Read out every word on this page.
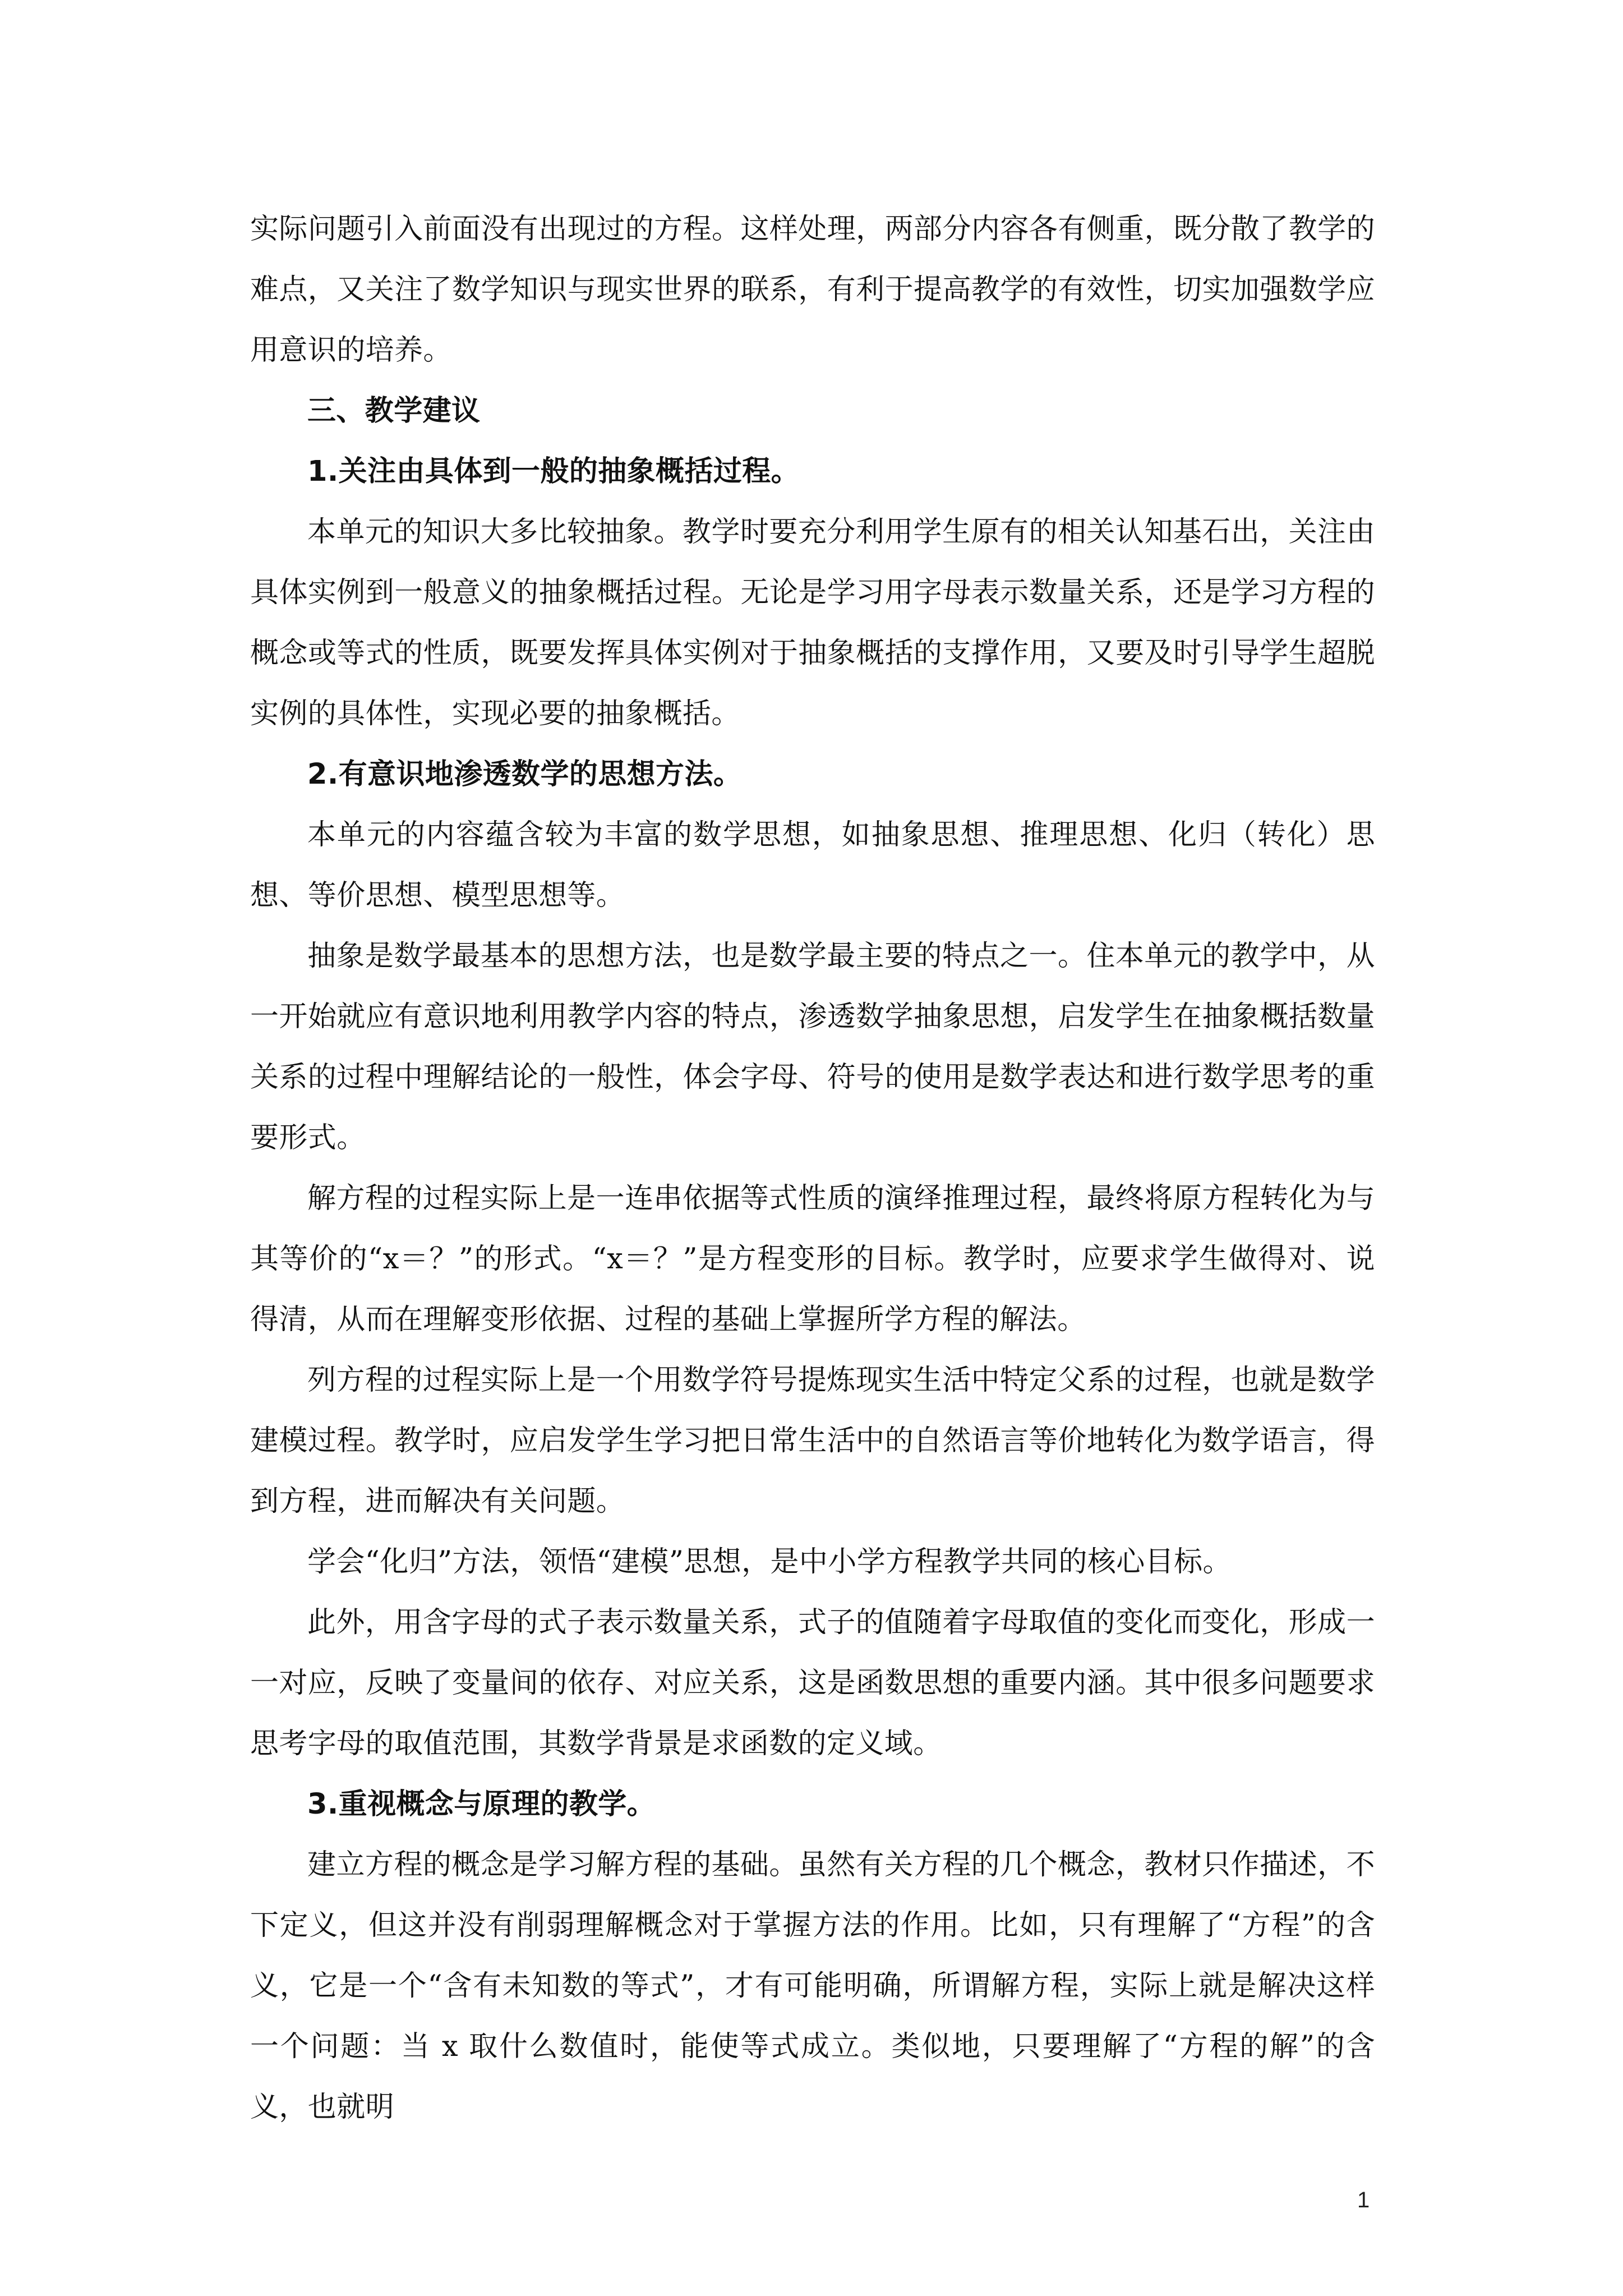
实际问题引入前面没有出现过的方程。这样处理，两部分内容各有侧重，既分散了教学的难点，又关注了数学知识与现实世界的联系，有利于提高教学的有效性，切实加强数学应用意识的培养。

三、教学建议

1.关注由具体到一般的抽象概括过程。

本单元的知识大多比较抽象。教学时要充分利用学生原有的相关认知基石出，关注由具体实例到一般意义的抽象概括过程。无论是学习用字母表示数量关系，还是学习方程的概念或等式的性质，既要发挥具体实例对于抽象概括的支撑作用，又要及时引导学生超脱实例的具体性，实现必要的抽象概括。

2.有意识地渗透数学的思想方法。

本单元的内容蕴含较为丰富的数学思想，如抽象思想、推理思想、化归（转化）思想、等价思想、模型思想等。

抽象是数学最基本的思想方法，也是数学最主要的特点之一。住本单元的教学中，从一开始就应有意识地利用教学内容的特点，渗透数学抽象思想，启发学生在抽象概括数量关系的过程中理解结论的一般性，体会字母、符号的使用是数学表达和进行数学思考的重要形式。

解方程的过程实际上是一连串依据等式性质的演绎推理过程，最终将原方程转化为与其等价的“x＝？”的形式。“x＝？”是方程变形的目标。教学时，应要求学生做得对、说得清，从而在理解变形依据、过程的基础上掌握所学方程的解法。

列方程的过程实际上是一个用数学符号提炼现实生活中特定父系的过程，也就是数学建模过程。教学时，应启发学生学习把日常生活中的自然语言等价地转化为数学语言，得到方程，进而解决有关问题。

学会“化归”方法，领悟“建模”思想，是中小学方程教学共同的核心目标。

此外，用含字母的式子表示数量关系，式子的值随着字母取值的变化而变化，形成一一对应，反映了变量间的依存、对应关系，这是函数思想的重要内涵。其中很多问题要求思考字母的取值范围，其数学背景是求函数的定义域。

3.重视概念与原理的教学。

建立方程的概念是学习解方程的基础。虽然有关方程的几个概念，教材只作描述，不下定义，但这并没有削弱理解概念对于掌握方法的作用。比如，只有理解了“方程”的含义，它是一个“含有未知数的等式”，才有可能明确，所谓解方程，实际上就是解决这样一个问题：当 x 取什么数值时，能使等式成立。类似地，只要理解了“方程的解”的含义，也就明

1
